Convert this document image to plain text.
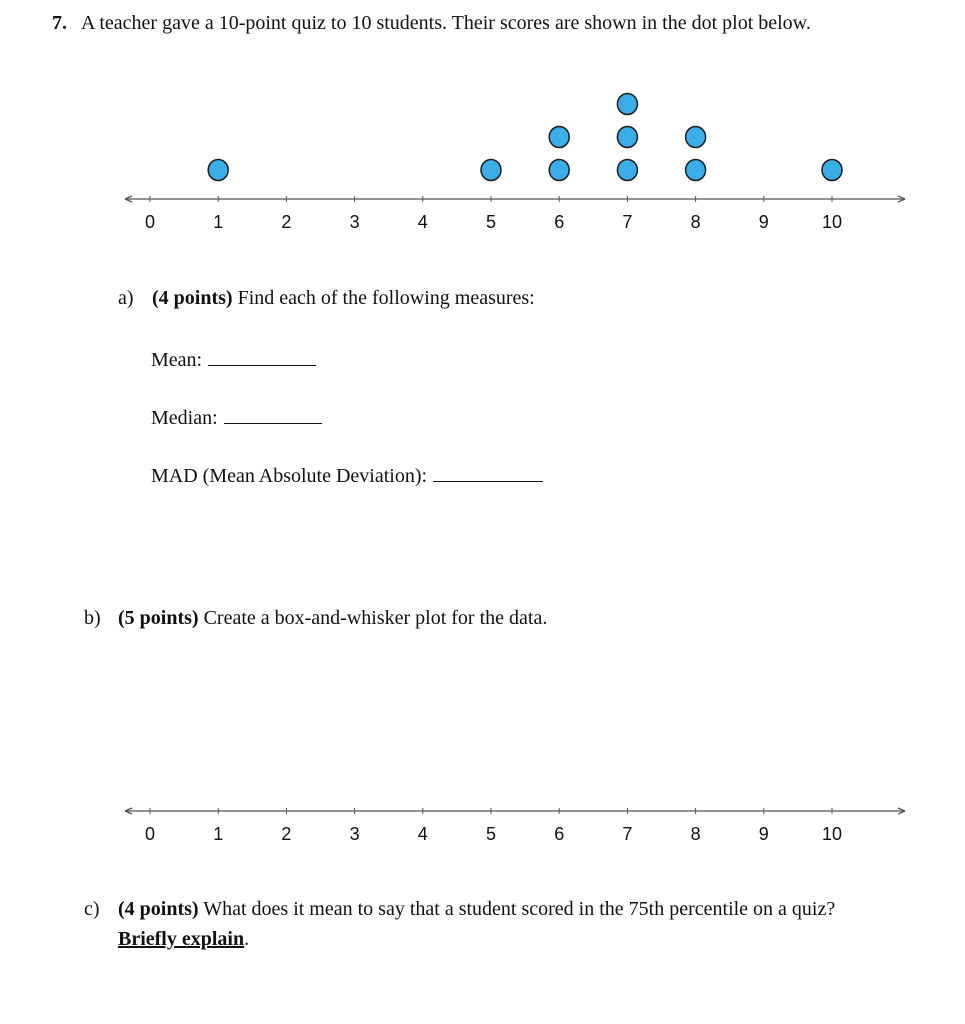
7. A teacher gave a 10-point quiz to 10 students. Their scores are shown in the dot plot below.
0	1	2	3	4	5	6	7	8	9	10
a) (4 points) Find each of the following measures:
Mean:
Median:
MAD (Mean Absolute Deviation):
b) (5 points) Create a box-and-whisker plot for the data.
0	1	2	3	4	5	6	7	8	9	10
c) (4 points) What does it mean to say that a student scored in the 75th percentile on a quiz?
Briefly explain.
